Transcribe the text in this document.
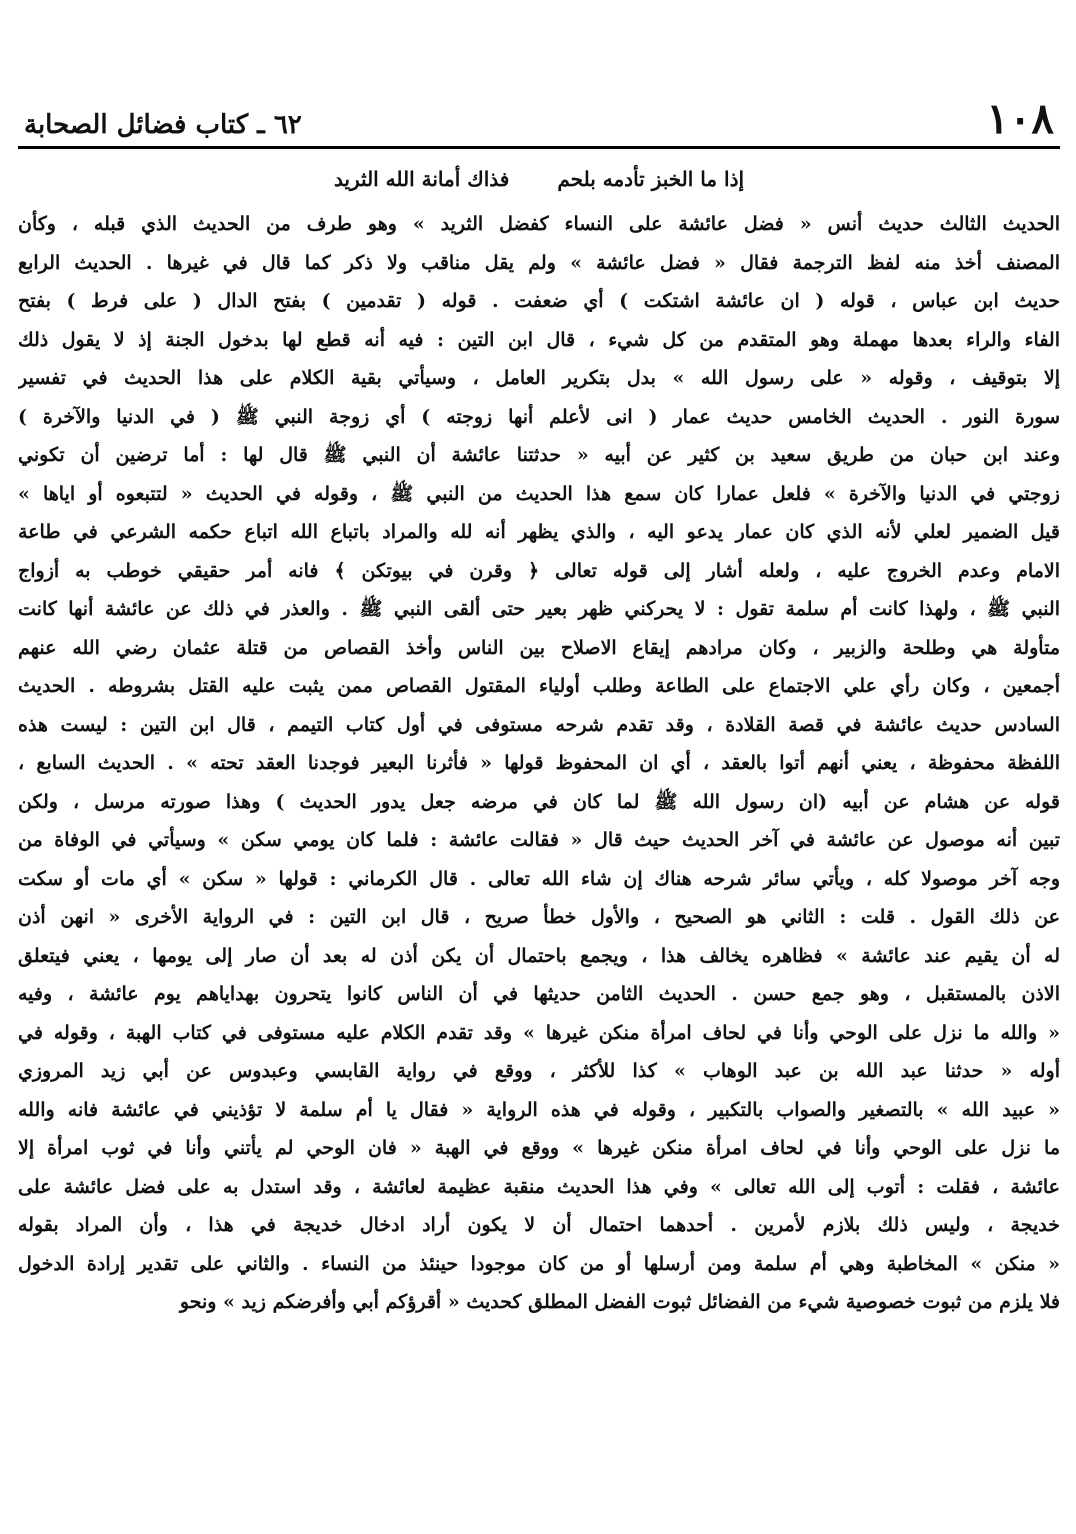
١٠٨
٦٢ ـ كتاب فضائل الصحابة
إذا ما الخبز تأدمه بلحم
فذاك أمانة الله الثريد
الحديث الثالث حديث أنس « فضل عائشة على النساء كفضل الثريد » وهو طرف من الحديث الذي قبله ، وكأن
المصنف أخذ منه لفظ الترجمة فقال « فضل عائشة » ولم يقل مناقب ولا ذكر كما قال في غيرها . الحديث الرابع
حديث ابن عباس ، قوله ( ان عائشة اشتكت ) أي ضعفت . قوله ( تقدمين ) بفتح الدال ( على فرط ) بفتح
الفاء والراء بعدها مهملة وهو المتقدم من كل شيء ، قال ابن التين : فيه أنه قطع لها بدخول الجنة إذ لا يقول ذلك
إلا بتوقيف ، وقوله « على رسول الله » بدل بتكرير العامل ، وسيأتي بقية الكلام على هذا الحديث في تفسير
سورة النور . الحديث الخامس حديث عمار ( انى لأعلم أنها زوجته ) أي زوجة النبي ﷺ ( في الدنيا والآخرة )
وعند ابن حبان من طريق سعيد بن كثير عن أبيه « حدثتنا عائشة أن النبي ﷺ قال لها : أما ترضين أن تكوني
زوجتي في الدنيا والآخرة » فلعل عمارا كان سمع هذا الحديث من النبي ﷺ ، وقوله في الحديث « لتتبعوه أو اياها »
قيل الضمير لعلي لأنه الذي كان عمار يدعو اليه ، والذي يظهر أنه لله والمراد باتباع الله اتباع حكمه الشرعي في طاعة
الامام وعدم الخروج عليه ، ولعله أشار إلى قوله تعالى ﴿ وقرن في بيوتكن ﴾ فانه أمر حقيقي خوطب به أزواج
النبي ﷺ ، ولهذا كانت أم سلمة تقول : لا يحركني ظهر بعير حتى ألقى النبي ﷺ . والعذر في ذلك عن عائشة أنها كانت
متأولة هي وطلحة والزبير ، وكان مرادهم إيقاع الاصلاح بين الناس وأخذ القصاص من قتلة عثمان رضي الله عنهم
أجمعين ، وكان رأي علي الاجتماع على الطاعة وطلب أولياء المقتول القصاص ممن يثبت عليه القتل بشروطه . الحديث
السادس حديث عائشة في قصة القلادة ، وقد تقدم شرحه مستوفى في أول كتاب التيمم ، قال ابن التين : ليست هذه
اللفظة محفوظة ، يعني أنهم أتوا بالعقد ، أي ان المحفوظ قولها « فأثرنا البعير فوجدنا العقد تحته » . الحديث السابع ،
قوله عن هشام عن أبيه (ان رسول الله ﷺ لما كان في مرضه جعل يدور الحديث ) وهذا صورته مرسل ، ولكن
تبين أنه موصول عن عائشة في آخر الحديث حيث قال « فقالت عائشة : فلما كان يومي سكن » وسيأتي في الوفاة من
وجه آخر موصولا كله ، ويأتي سائر شرحه هناك إن شاء الله تعالى . قال الكرماني : قولها « سكن » أي مات أو سكت
عن ذلك القول . قلت : الثاني هو الصحيح ، والأول خطأ صريح ، قال ابن التين : في الرواية الأخرى « انهن أذن
له أن يقيم عند عائشة » فظاهره يخالف هذا ، ويجمع باحتمال أن يكن أذن له بعد أن صار إلى يومها ، يعني فيتعلق
الاذن بالمستقبل ، وهو جمع حسن . الحديث الثامن حديثها في أن الناس كانوا يتحرون بهداياهم يوم عائشة ، وفيه
« والله ما نزل على الوحي وأنا في لحاف امرأة منكن غيرها » وقد تقدم الكلام عليه مستوفى في كتاب الهبة ، وقوله في
أوله « حدثنا عبد الله بن عبد الوهاب » كذا للأكثر ، ووقع في رواية القابسي وعبدوس عن أبي زيد المروزي
« عبيد الله » بالتصغير والصواب بالتكبير ، وقوله في هذه الرواية « فقال يا أم سلمة لا تؤذيني في عائشة فانه والله
ما نزل على الوحي وأنا في لحاف امرأة منكن غيرها » ووقع في الهبة « فان الوحي لم يأتني وأنا في ثوب امرأة إلا
عائشة ، فقلت : أتوب إلى الله تعالى » وفي هذا الحديث منقبة عظيمة لعائشة ، وقد استدل به على فضل عائشة على
خديجة ، وليس ذلك بلازم لأمرين . أحدهما احتمال أن لا يكون أراد ادخال خديجة في هذا ، وأن المراد بقوله
« منكن » المخاطبة وهي أم سلمة ومن أرسلها أو من كان موجودا حينئذ من النساء . والثاني على تقدير إرادة الدخول
فلا يلزم من ثبوت خصوصية شيء من الفضائل ثبوت الفضل المطلق كحديث « أقرؤكم أبي وأفرضكم زيد » ونحو
